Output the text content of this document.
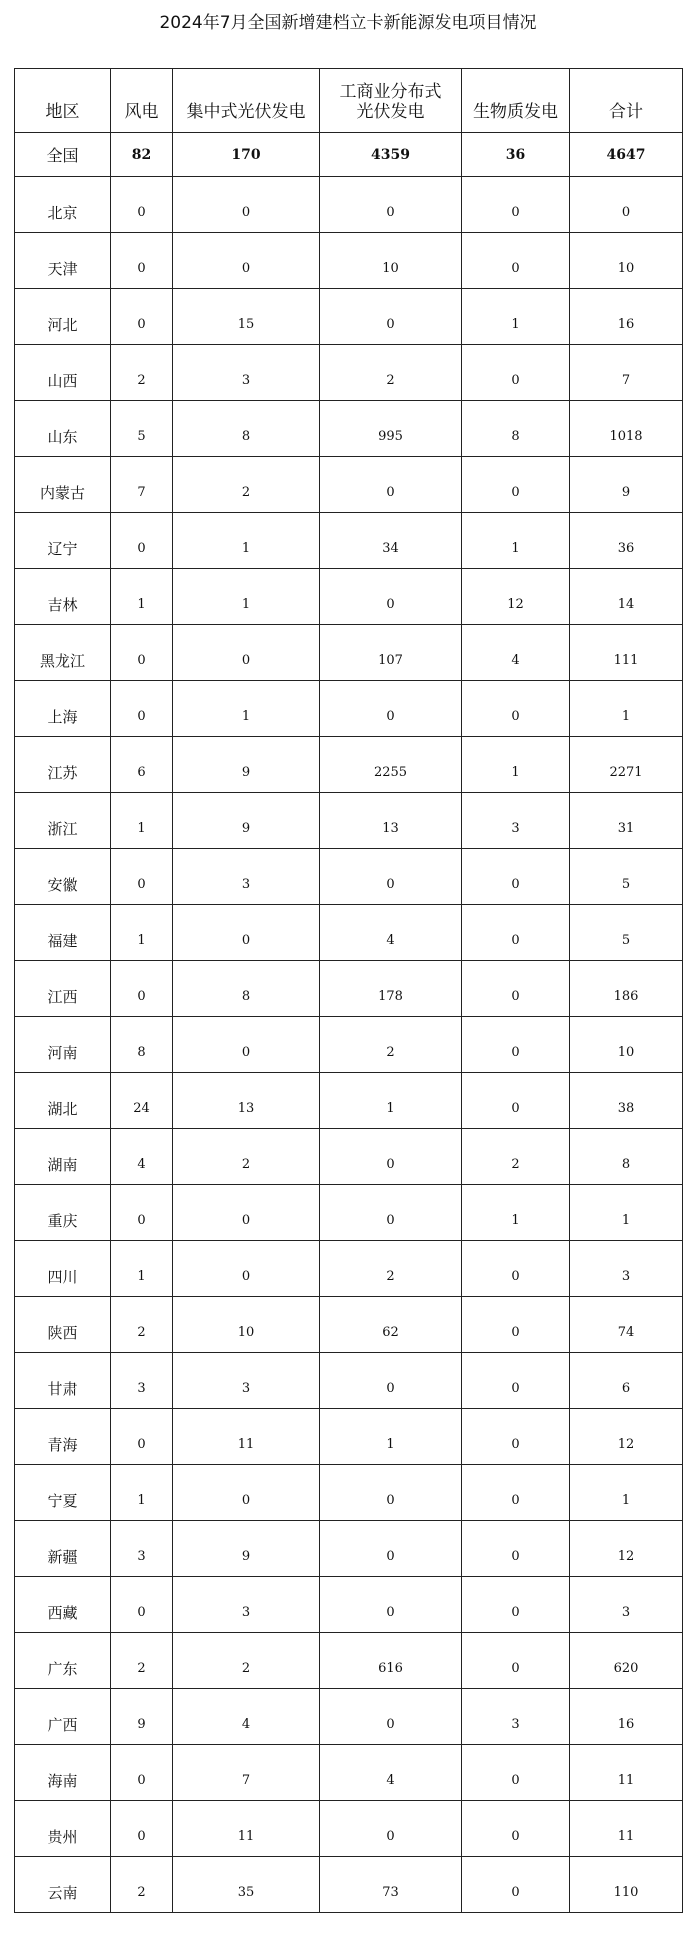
2024年7月全国新增建档立卡新能源发电项目情况
地区	风电	集中式光伏发电	工商业分布式光伏发电	生物质发电	合计
全国	82	170	4359	36	4647
北京	0	0	0	0	0
天津	0	0	10	0	10
河北	0	15	0	1	16
山西	2	3	2	0	7
山东	5	8	995	8	1018
内蒙古	7	2	0	0	9
辽宁	0	1	34	1	36
吉林	1	1	0	12	14
黑龙江	0	0	107	4	111
上海	0	1	0	0	1
江苏	6	9	2255	1	2271
浙江	1	9	13	3	31
安徽	0	3	0	0	5
福建	1	0	4	0	5
江西	0	8	178	0	186
河南	8	0	2	0	10
湖北	24	13	1	0	38
湖南	4	2	0	2	8
重庆	0	0	0	1	1
四川	1	0	2	0	3
陕西	2	10	62	0	74
甘肃	3	3	0	0	6
青海	0	11	1	0	12
宁夏	1	0	0	0	1
新疆	3	9	0	0	12
西藏	0	3	0	0	3
广东	2	2	616	0	620
广西	9	4	0	3	16
海南	0	7	4	0	11
贵州	0	11	0	0	11
云南	2	35	73	0	110
